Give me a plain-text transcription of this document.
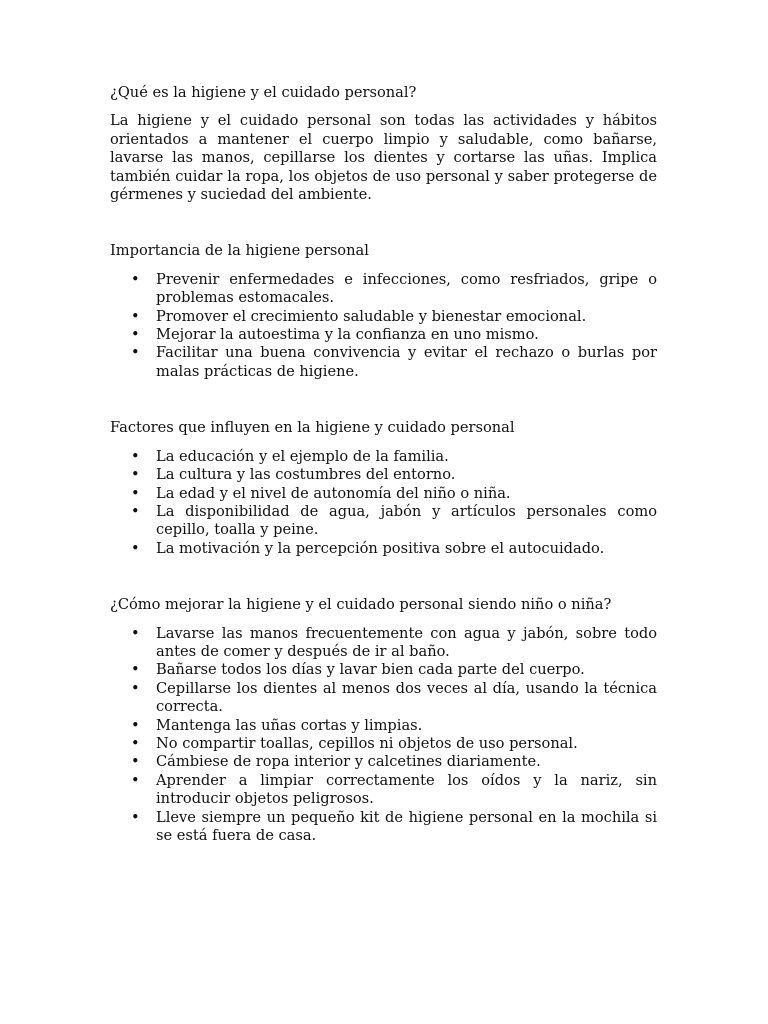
¿Qué es la higiene y el cuidado personal?

La higiene y el cuidado personal son todas las actividades y hábitos orientados a mantener el cuerpo limpio y saludable, como bañarse, lavarse las manos, cepillarse los dientes y cortarse las uñas. Implica también cuidar la ropa, los objetos de uso personal y saber protegerse de gérmenes y suciedad del ambiente.

Importancia de la higiene personal
• Prevenir enfermedades e infecciones, como resfriados, gripe o problemas estomacales.
• Promover el crecimiento saludable y bienestar emocional.
• Mejorar la autoestima y la confianza en uno mismo.
• Facilitar una buena convivencia y evitar el rechazo o burlas por malas prácticas de higiene.
Factores que influyen en la higiene y cuidado personal
• La educación y el ejemplo de la familia.
• La cultura y las costumbres del entorno.
• La edad y el nivel de autonomía del niño o niña.
• La disponibilidad de agua, jabón y artículos personales como cepillo, toalla y peine.
• La motivación y la percepción positiva sobre el autocuidado.
¿Cómo mejorar la higiene y el cuidado personal siendo niño o niña?
• Lavarse las manos frecuentemente con agua y jabón, sobre todo antes de comer y después de ir al baño.
• Bañarse todos los días y lavar bien cada parte del cuerpo.
• Cepillarse los dientes al menos dos veces al día, usando la técnica correcta.
• Mantenga las uñas cortas y limpias.
• No compartir toallas, cepillos ni objetos de uso personal.
• Cámbiese de ropa interior y calcetines diariamente.
• Aprender a limpiar correctamente los oídos y la nariz, sin introducir objetos peligrosos.
• Lleve siempre un pequeño kit de higiene personal en la mochila si se está fuera de casa.
